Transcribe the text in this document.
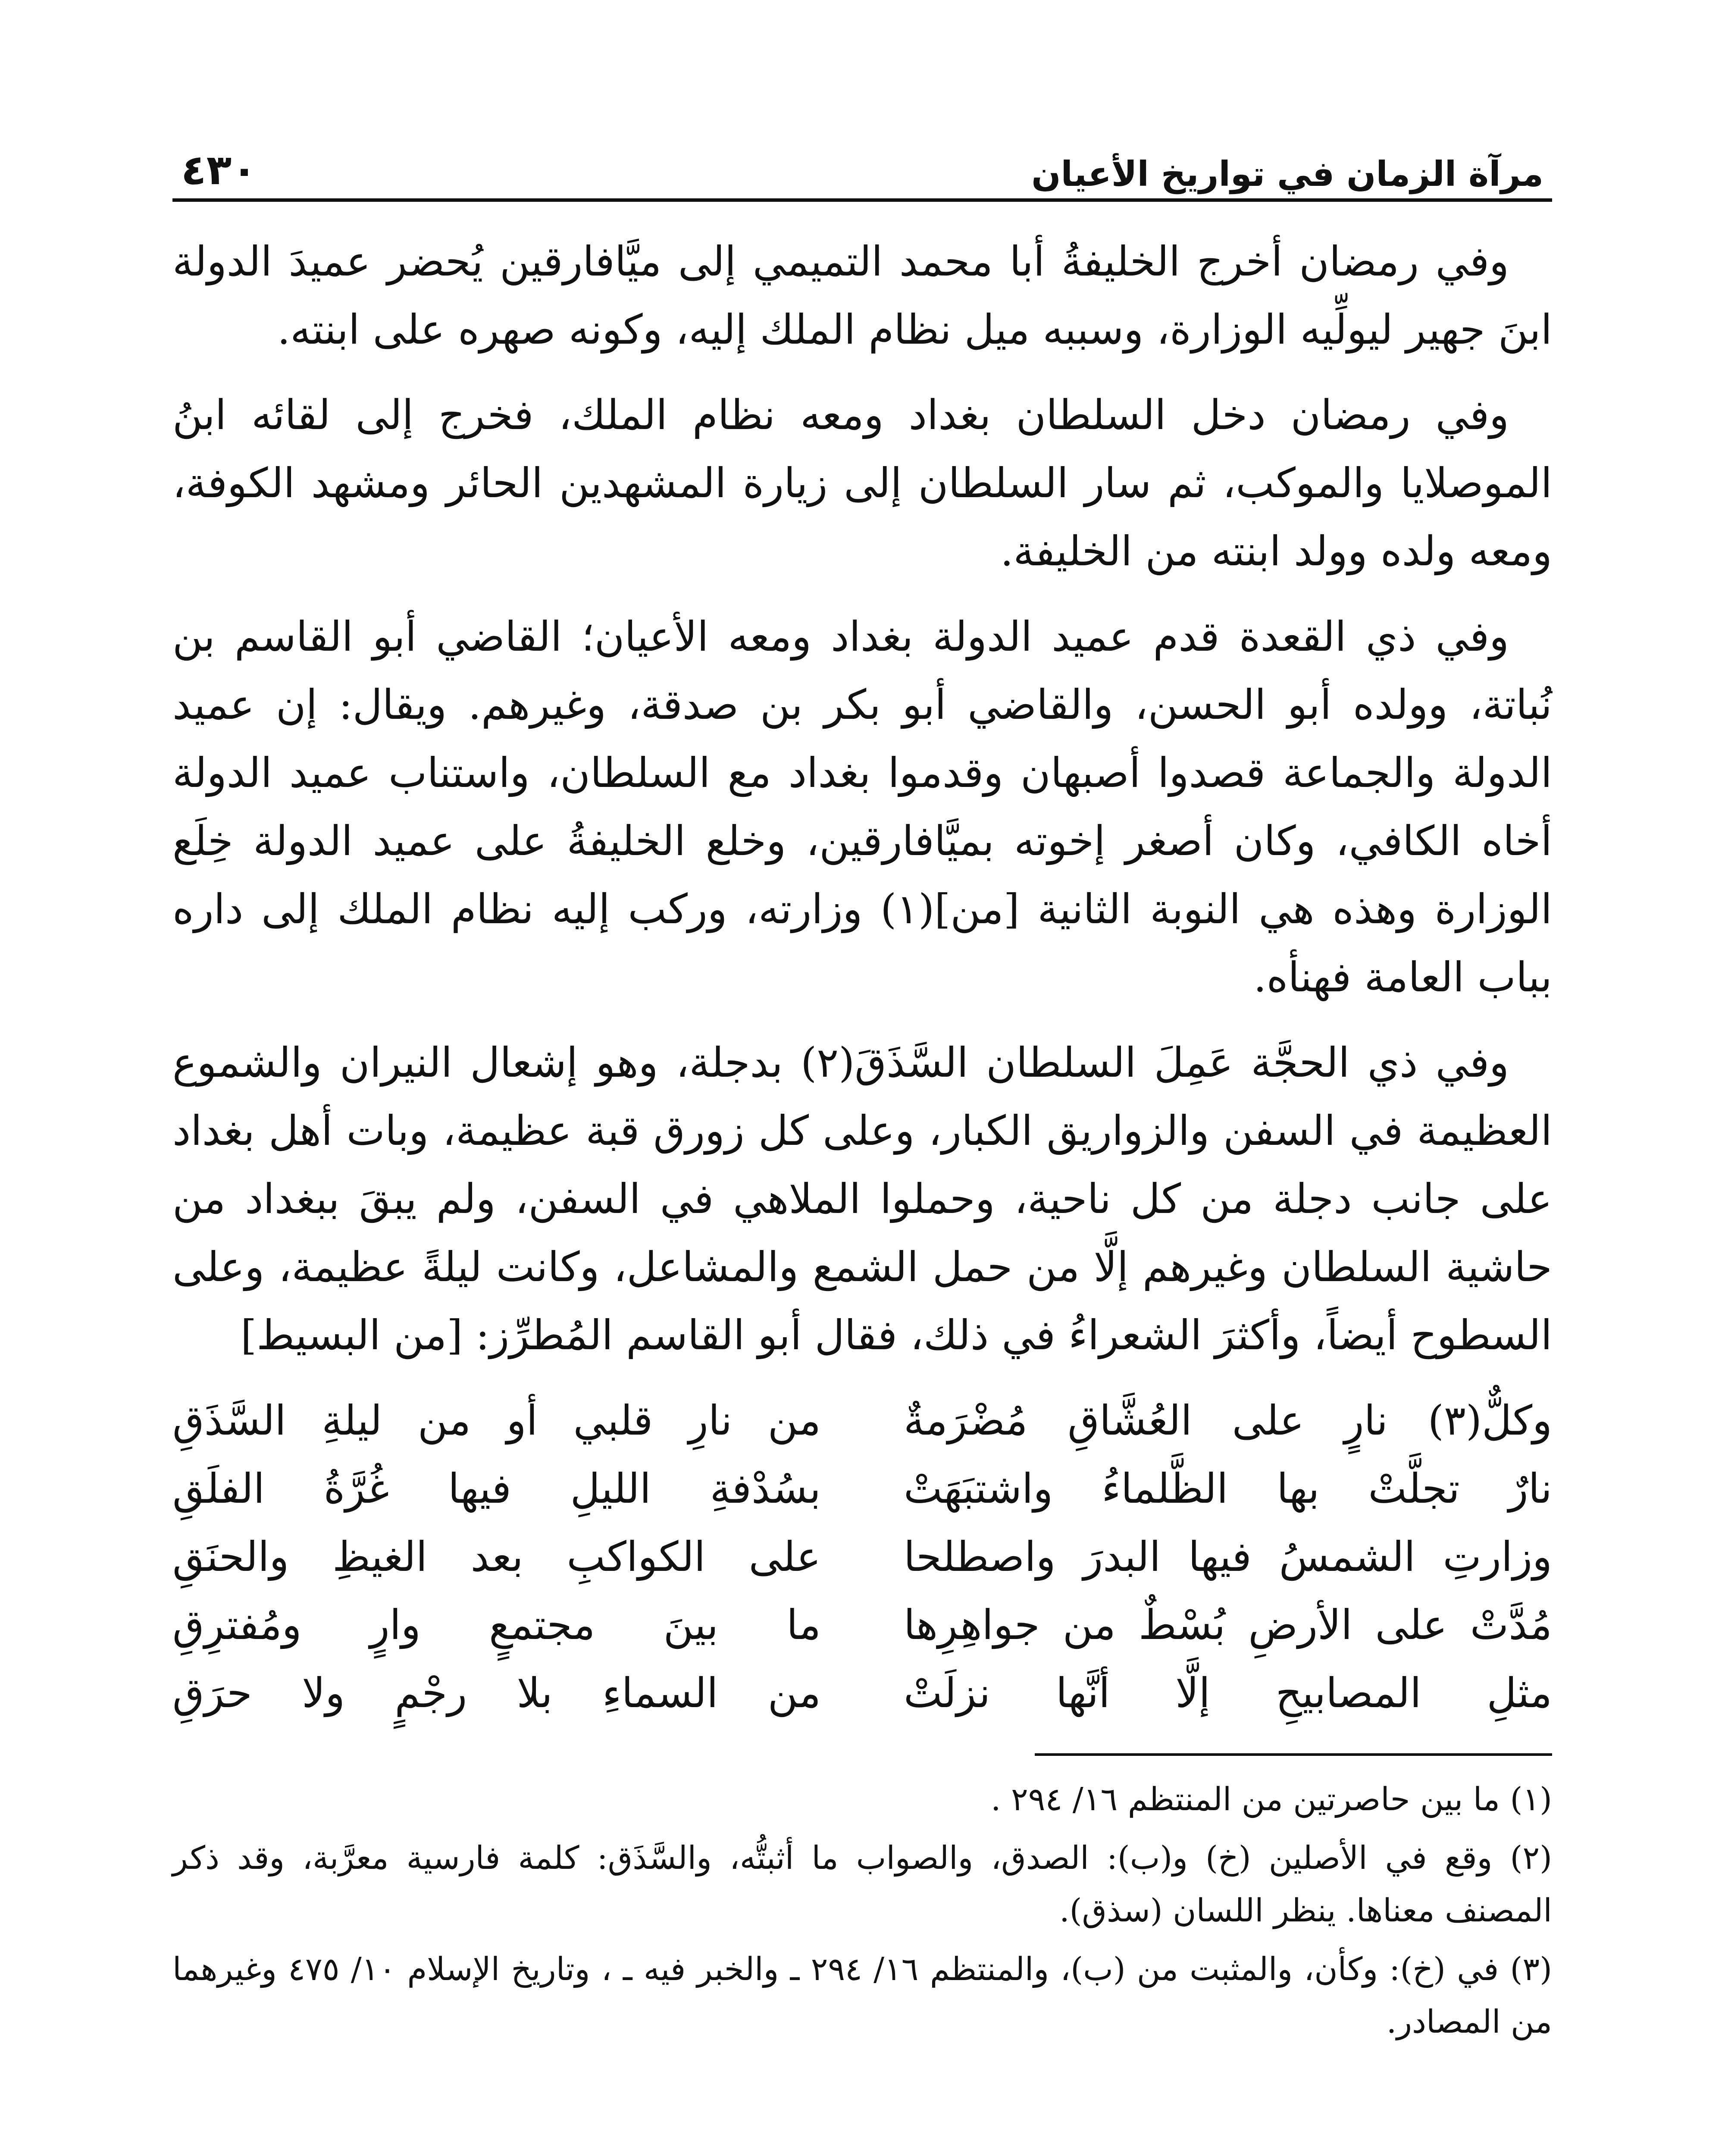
مرآة الزمان في تواريخ الأعيان
٤٣٠

وفي رمضان أخرج الخليفةُ أبا محمد التميمي إلى ميَّافارقين يُحضر عميدَ الدولة ابنَ جهير ليولِّيه الوزارة، وسببه ميل نظام الملك إليه، وكونه صهره على ابنته.

وفي رمضان دخل السلطان بغداد ومعه نظام الملك، فخرج إلى لقائه ابنُ الموصلايا والموكب، ثم سار السلطان إلى زيارة المشهدين الحائر ومشهد الكوفة، ومعه ولده وولد ابنته من الخليفة.

وفي ذي القعدة قدم عميد الدولة بغداد ومعه الأعيان؛ القاضي أبو القاسم بن نُباتة، وولده أبو الحسن، والقاضي أبو بكر بن صدقة، وغيرهم. ويقال: إن عميد الدولة والجماعة قصدوا أصبهان وقدموا بغداد مع السلطان، واستناب عميد الدولة أخاه الكافي، وكان أصغر إخوته بميَّافارقين، وخلع الخليفةُ على عميد الدولة خِلَع الوزارة وهذه هي النوبة الثانية [من](١) وزارته، وركب إليه نظام الملك إلى داره بباب العامة فهنأه.

وفي ذي الحجَّة عَمِلَ السلطان السَّذَقَ(٢) بدجلة، وهو إشعال النيران والشموع العظيمة في السفن والزواريق الكبار، وعلى كل زورق قبة عظيمة، وبات أهل بغداد على جانب دجلة من كل ناحية، وحملوا الملاهي في السفن، ولم يبقَ ببغداد من حاشية السلطان وغيرهم إلَّا من حمل الشمع والمشاعل، وكانت ليلةً عظيمة، وعلى السطوح أيضاً، وأكثرَ الشعراءُ في ذلك، فقال أبو القاسم المُطرِّز: [من البسيط]

وكلٌّ(٣) نارٍ على العُشَّاقِ مُضْرَمةٌ
من نارِ قلبي أو من ليلةِ السَّذَقِ
نارٌ تجلَّتْ بها الظَّلماءُ واشتبَهَتْ
بسُدْفةِ الليلِ فيها غُرَّةُ الفلَقِ
وزارتِ الشمسُ فيها البدرَ واصطلحا
على الكواكبِ بعد الغيظِ والحنَقِ
مُدَّتْ على الأرضِ بُسْطٌ من جواهِرِها
ما بينَ مجتمعٍ وارٍ ومُفترِقِ
مثلِ المصابيحِ إلَّا أنَّها نزلَتْ
من السماءِ بلا رجْمٍ ولا حرَقِ

(١) ما بين حاصرتين من المنتظم ١٦/ ٢٩٤ .

(٢) وقع في الأصلين (خ) و(ب): الصدق، والصواب ما أثبتُّه، والسَّذَق: كلمة فارسية معرَّبة، وقد ذكر المصنف معناها. ينظر اللسان (سذق).

(٣) في (خ): وكأن، والمثبت من (ب)، والمنتظم ١٦/ ٢٩٤ ـ والخبر فيه ـ ، وتاريخ الإسلام ١٠/ ٤٧٥ وغيرهما من المصادر.
